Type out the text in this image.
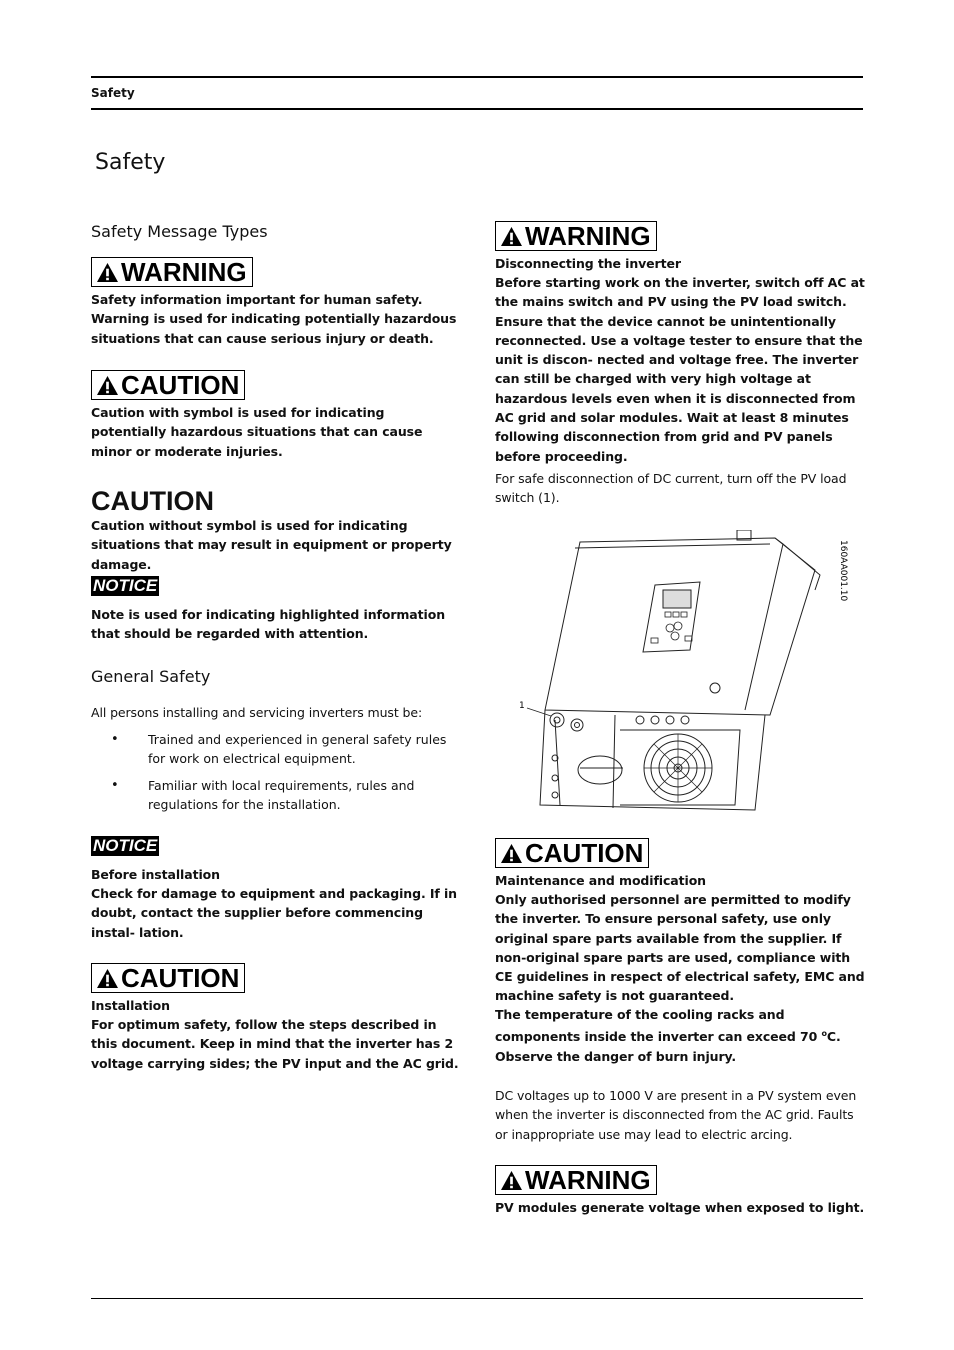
Safety

Safety
Safety Message Types
WARNING

Safety information important for human safety. Warning is used for indicating potentially hazardous situations that can cause serious injury or death.

CAUTION

Caution with symbol is used for indicating potentially hazardous situations that can cause minor or moderate injuries.

CAUTION

Caution without symbol is used for indicating situations that may result in equipment or property damage.

NOTICE

Note is used for indicating highlighted information that should be regarded with attention.

General Safety

All persons installing and servicing inverters must be:

• Trained and experienced in general safety rules for work on electrical equipment.
• Familiar with local requirements, rules and regulations for the installation.
NOTICE

Before installation

Check for damage to equipment and packaging. If in doubt, contact the supplier before commencing instal- lation.

CAUTION

Installation

For optimum safety, follow the steps described in this document. Keep in mind that the inverter has 2 voltage carrying sides; the PV input and the AC grid.

WARNING

Disconnecting the inverter

Before starting work on the inverter, switch off AC at the mains switch and PV using the PV load switch. Ensure that the device cannot be unintentionally reconnected. Use a voltage tester to ensure that the unit is discon- nected and voltage free. The inverter can still be charged with very high voltage at hazardous levels even when it is disconnected from AC grid and solar modules. Wait at least 8 minutes following disconnection from grid and PV panels before proceeding.

For safe disconnection of DC current, turn off the PV load switch (1).

1
160AA001.10
CAUTION

Maintenance and modification

Only authorised personnel are permitted to modify the inverter. To ensure personal safety, use only original spare parts available from the supplier. If non-original spare parts are used, compliance with CE guidelines in respect of electrical safety, EMC and machine safety is not guaranteed.

The temperature of the cooling racks and components inside the inverter can exceed 70 $^o$C. Observe the danger of burn injury.

DC voltages up to 1000 V are present in a PV system even when the inverter is disconnected from the AC grid. Faults or inappropriate use may lead to electric arcing.

WARNING

PV modules generate voltage when exposed to light.
